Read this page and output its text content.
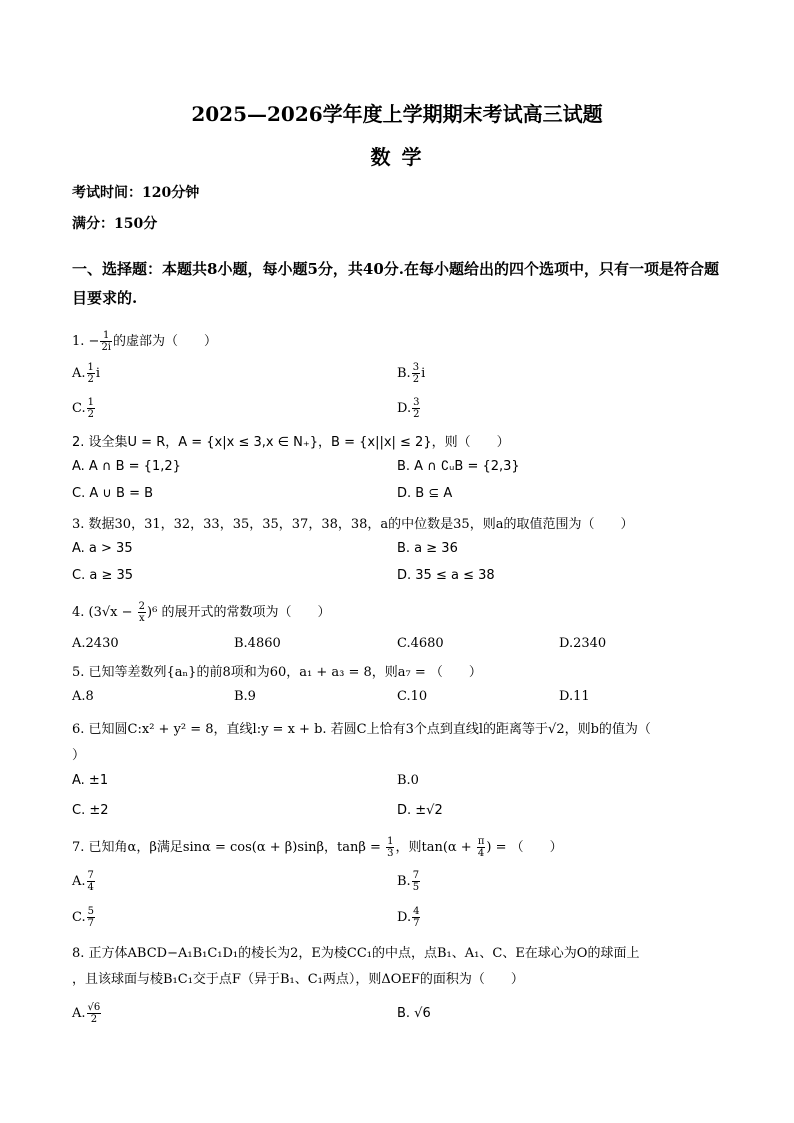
2025—2026学年度上学期期末考试高三试题
数 学
考试时间：120分钟
满分：150分
一、选择题：本题共8小题，每小题5分，共40分.在每小题给出的四个选项中，只有一项是符合题目要求的.
1. − $\frac{1}{2i}$ 的虚部为（　　）
A. $\frac{1}{2}$ i	B. $\frac{3}{2}$ i
C. $\frac{1}{2}$	D. $\frac{3}{2}$
2. 设全集U = R，A = {x|x ≤ 3,x ∈ N₊}，B = {x||x| ≤ 2}，则（　　）
A. A ∩ B = {1,2}	B. A ∩ ∁ᵤB = {2,3}
C. A ∪ B = B	D. B ⊆ A
3. 数据30，31，32，33，35，35，37，38，38，a的中位数是35，则a的取值范围为（　　）
A. a > 35	B. a ≥ 36
C. a ≥ 35	D. 35 ≤ a ≤ 38
4. $(3√x - \frac{2}{x} )^6$ 的展开式的常数项为（　　）
A.2430	B.4860	C.4680	D.2340
5. 已知等差数列{aₙ}的前8项和为60，a₁ + a₃ = 8，则a₇ = （　　）
A.8	B.9	C.10	D.11
6. 已知圆C:x² + y² = 8，直线l:y = x + b. 若圆C上恰有3个点到直线l的距离等于√2，则b的值为（
）
A. ±1	B.0
C. ±2	D. ±√2
7. 已知角α，β满足sinα = cos(α + β)sinβ，$\tan\beta = \frac{1}{3}$ ，则$\tan(\alpha + \frac{\pi}{4}$ ) = （　　）
A. $\frac{7}{4}$	B. $\frac{7}{5}$
C. $\frac{5}{7}$	D. $\frac{4}{7}$
8. 正方体ABCD−A₁B₁C₁D₁的棱长为2，E为棱CC₁的中点，点B₁、A₁、C、E在球心为O的球面上
，且该球面与棱B₁C₁交于点F（异于B₁、C₁两点），则ΔOEF的面积为（　　）
A. $\frac{√6}{2}$	B. √6
